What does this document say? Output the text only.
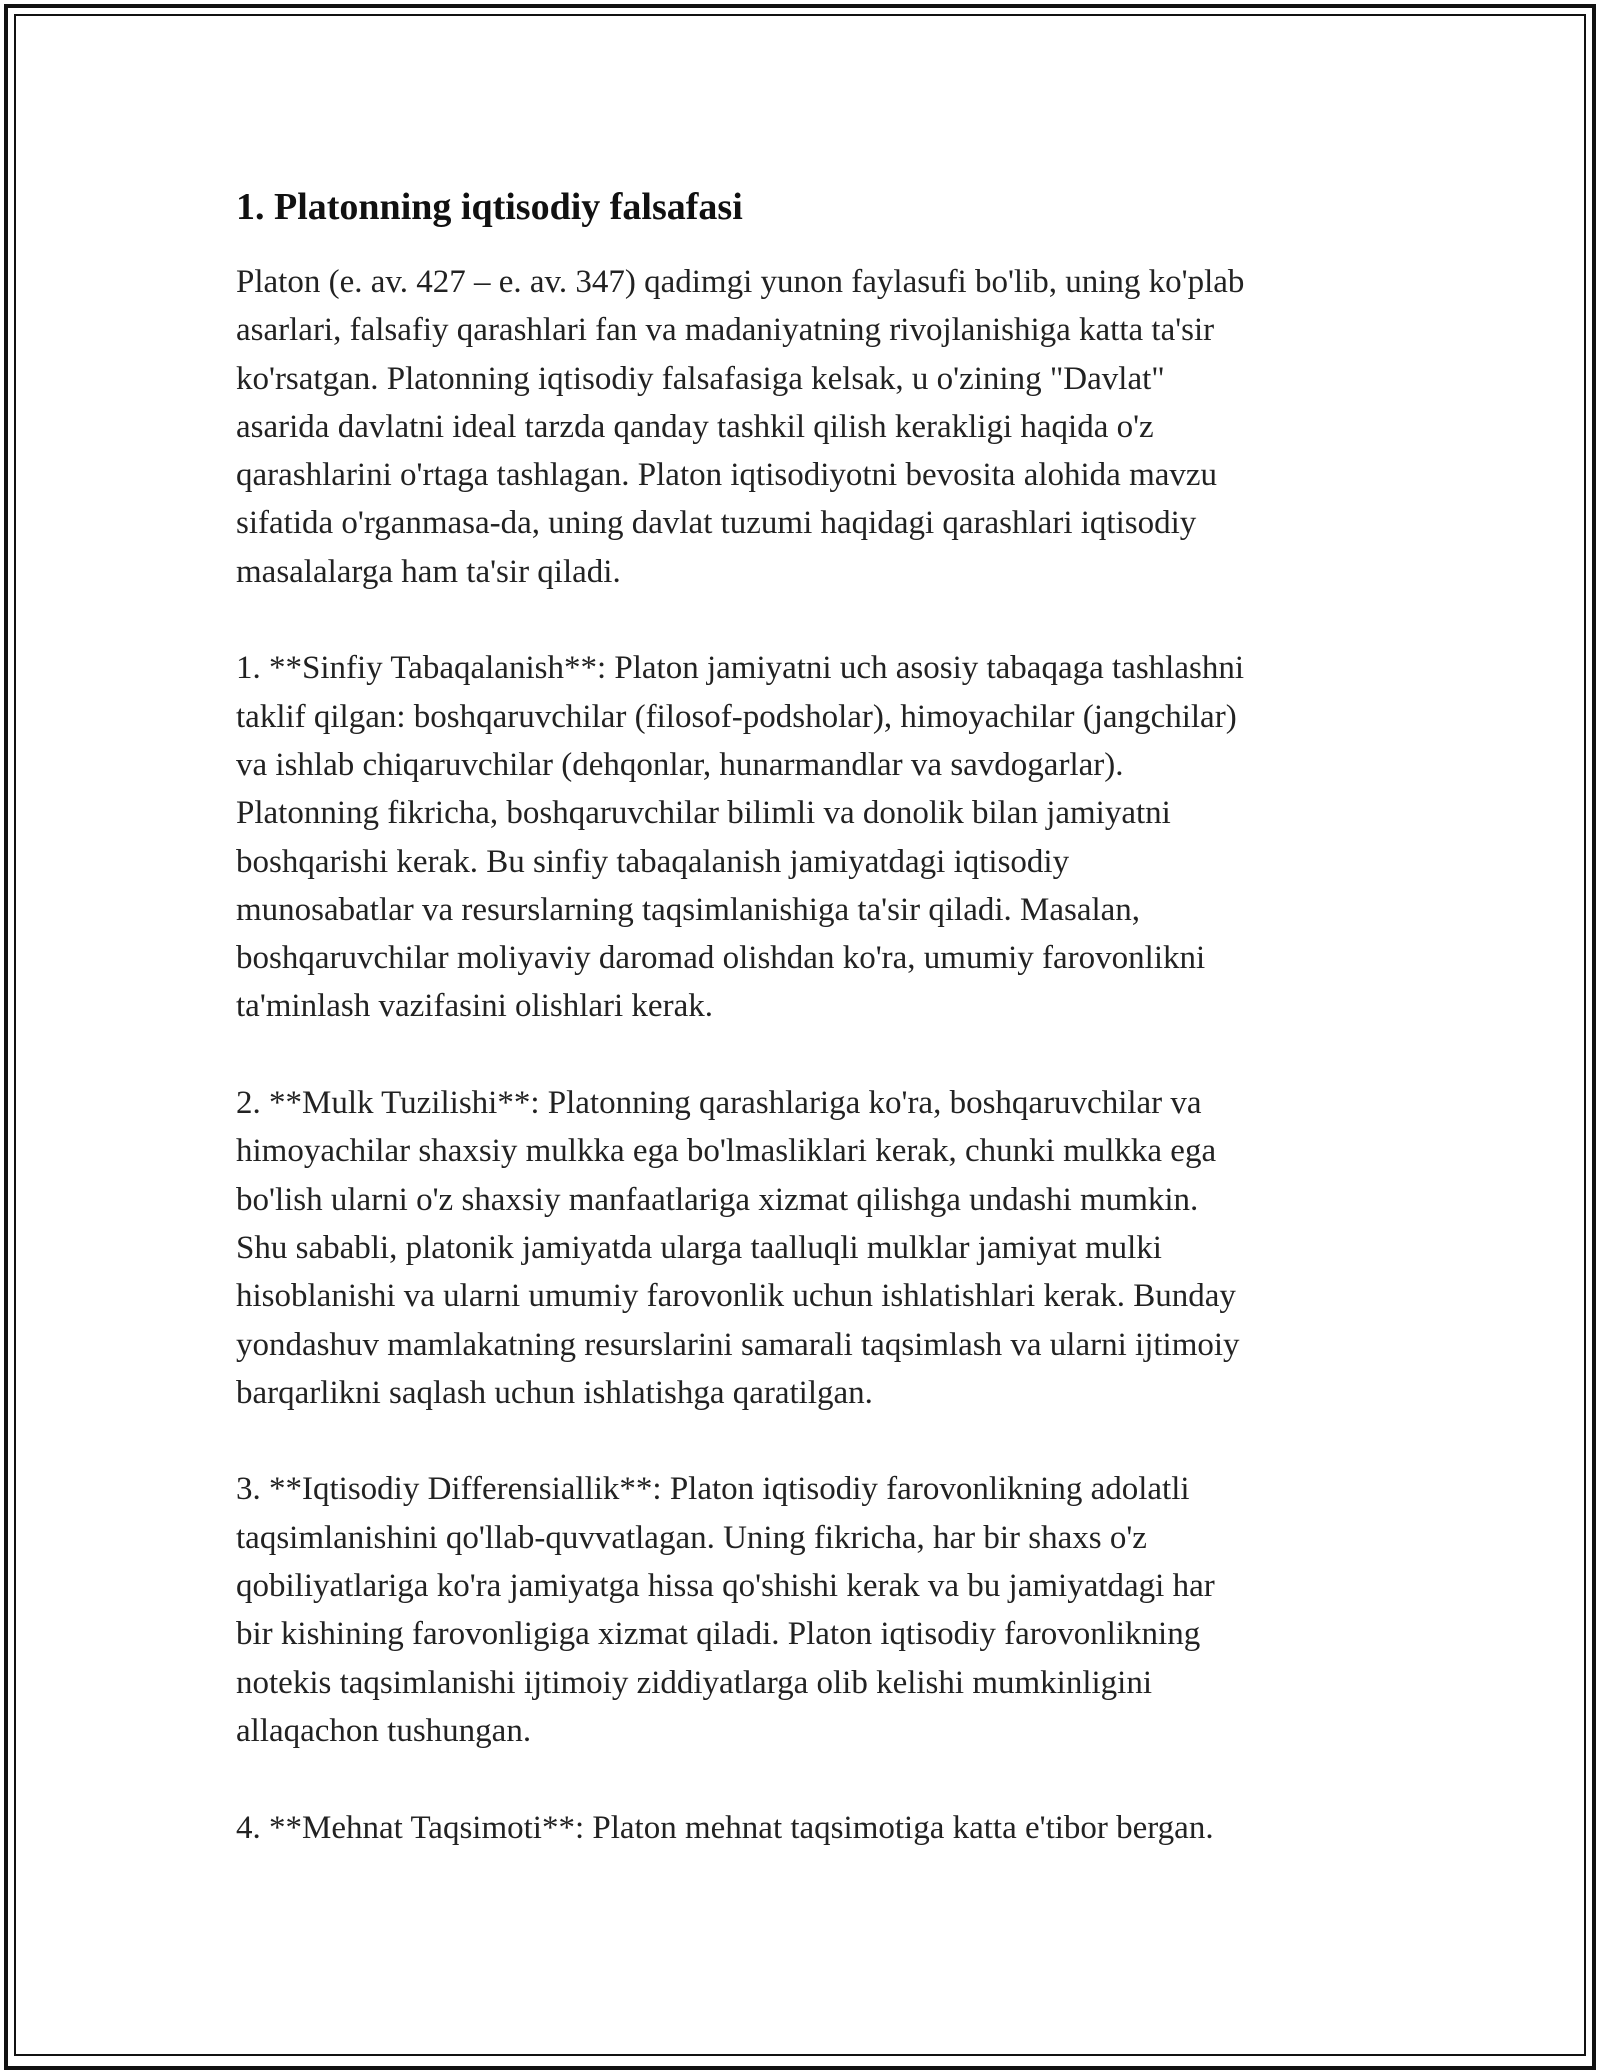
1. Platonning iqtisodiy falsafasi

Platon (e. av. 427 – e. av. 347) qadimgi yunon faylasufi bo'lib, uning ko'plab
asarlari, falsafiy qarashlari fan va madaniyatning rivojlanishiga katta ta'sir
ko'rsatgan. Platonning iqtisodiy falsafasiga kelsak, u o'zining "Davlat"
asarida davlatni ideal tarzda qanday tashkil qilish kerakligi haqida o'z
qarashlarini o'rtaga tashlagan. Platon iqtisodiyotni bevosita alohida mavzu
sifatida o'rganmasa-da, uning davlat tuzumi haqidagi qarashlari iqtisodiy
masalalarga ham ta'sir qiladi.

1. **Sinfiy Tabaqalanish**: Platon jamiyatni uch asosiy tabaqaga tashlashni
taklif qilgan: boshqaruvchilar (filosof-podsholar), himoyachilar (jangchilar)
va ishlab chiqaruvchilar (dehqonlar, hunarmandlar va savdogarlar).
Platonning fikricha, boshqaruvchilar bilimli va donolik bilan jamiyatni
boshqarishi kerak. Bu sinfiy tabaqalanish jamiyatdagi iqtisodiy
munosabatlar va resurslarning taqsimlanishiga ta'sir qiladi. Masalan,
boshqaruvchilar moliyaviy daromad olishdan ko'ra, umumiy farovonlikni
ta'minlash vazifasini olishlari kerak.

2. **Mulk Tuzilishi**: Platonning qarashlariga ko'ra, boshqaruvchilar va
himoyachilar shaxsiy mulkka ega bo'lmasliklari kerak, chunki mulkka ega
bo'lish ularni o'z shaxsiy manfaatlariga xizmat qilishga undashi mumkin.
Shu sababli, platonik jamiyatda ularga taalluqli mulklar jamiyat mulki
hisoblanishi va ularni umumiy farovonlik uchun ishlatishlari kerak. Bunday
yondashuv mamlakatning resurslarini samarali taqsimlash va ularni ijtimoiy
barqarlikni saqlash uchun ishlatishga qaratilgan.

3. **Iqtisodiy Differensiallik**: Platon iqtisodiy farovonlikning adolatli
taqsimlanishini qo'llab-quvvatlagan. Uning fikricha, har bir shaxs o'z
qobiliyatlariga ko'ra jamiyatga hissa qo'shishi kerak va bu jamiyatdagi har
bir kishining farovonligiga xizmat qiladi. Platon iqtisodiy farovonlikning
notekis taqsimlanishi ijtimoiy ziddiyatlarga olib kelishi mumkinligini
allaqachon tushungan.

4. **Mehnat Taqsimoti**: Platon mehnat taqsimotiga katta e'tibor bergan.
